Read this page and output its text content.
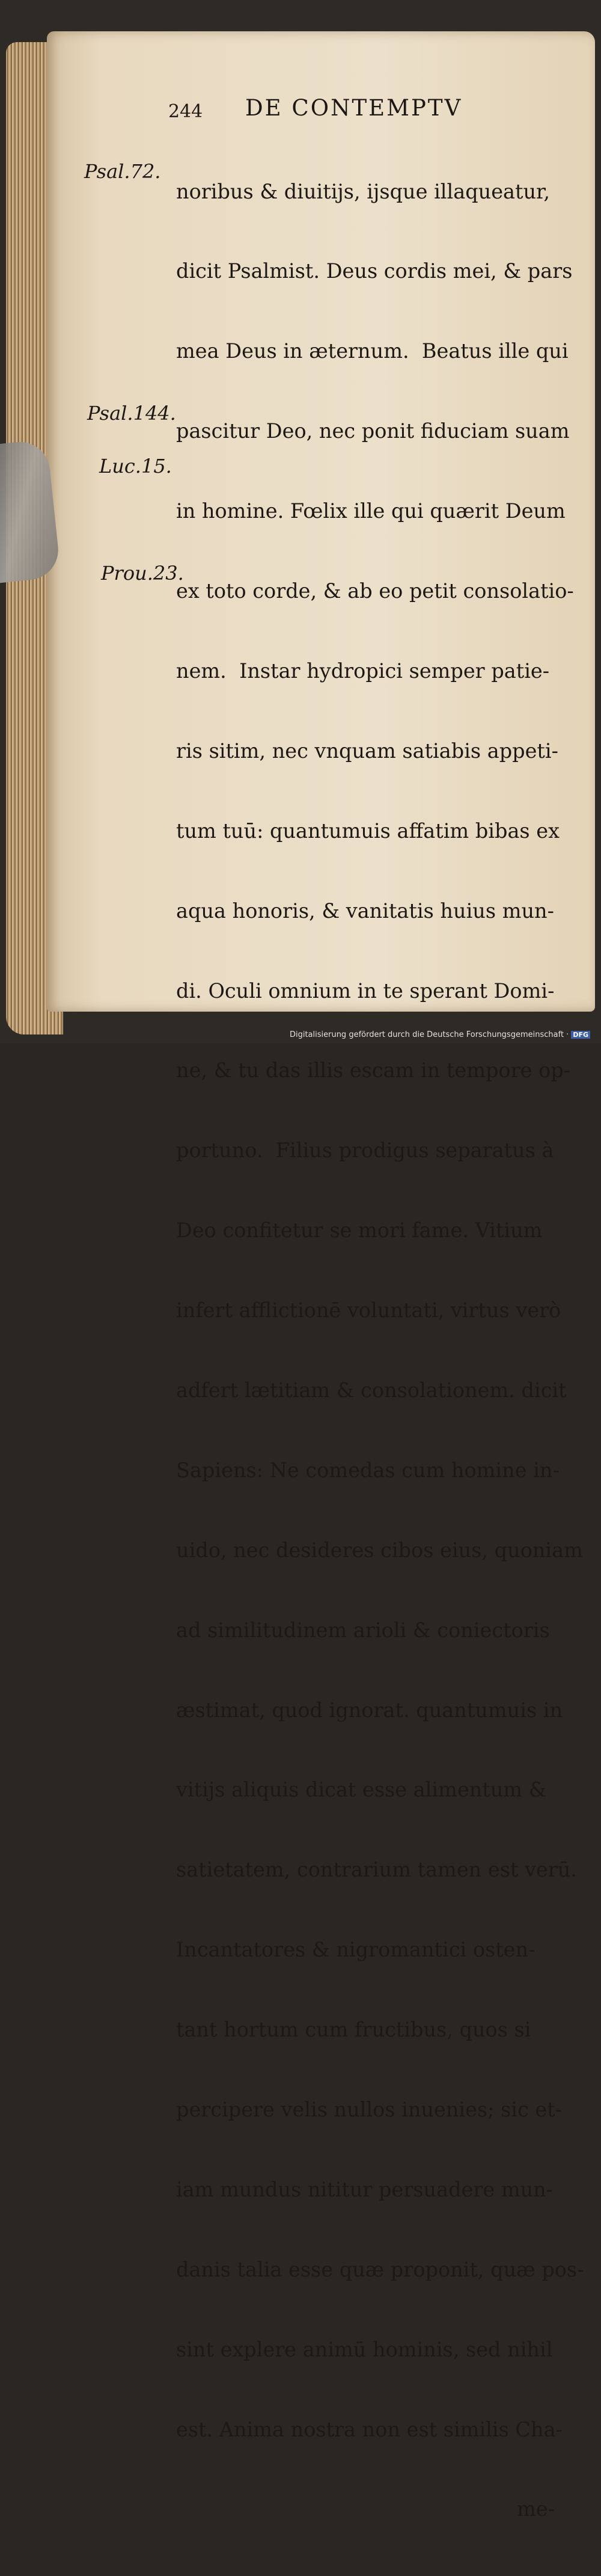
244 DE CONTEMPTV
Psal.72.
Psal.144.
Luc.15.
Prou.23.

noribus & diuitijs, ijsque illaqueatur,

dicit Psalmist. Deus cordis mei, & pars

mea Deus in æternum.  Beatus ille qui

pascitur Deo, nec ponit fiduciam suam

in homine. Fœlix ille qui quærit Deum

ex toto corde, & ab eo petit consolatio-

nem.  Instar hydropici semper patie-

ris sitim, nec vnquam satiabis appeti-

tum tuū: quantumuis affatim bibas ex

aqua honoris, & vanitatis huius mun-

di. Oculi omnium in te sperant Domi-

ne, & tu das illis escam in tempore op-

portuno.  Filius prodigus separatus à

Deo confitetur se mori fame. Vitium

infert afflictionē voluntati, virtus verò

adfert lætitiam & consolationem. dicit

Sapiens: Ne comedas cum homine in-

uido, nec desideres cibos eius, quoniam

ad similitudinem arioli & coniectoris

æstimat, quod ignorat. quantumuis in

vitijs aliquis dicat esse alimentum &

satietatem, contrarium tamen est verū.

Incantatores & nigromantici osten-

tant hortum cum fructibus, quos si

percipere velis nullos inuenies; sic et-

iam mundus nititur persuadere mun-

danis talia esse quæ proponit, quæ pos-

sint explere animū hominis, sed nihil

est. Anima nostra non est similis Cha-

me-

Digitalisierung gefördert durch die Deutsche Forschungsgemeinschaft · DFG
